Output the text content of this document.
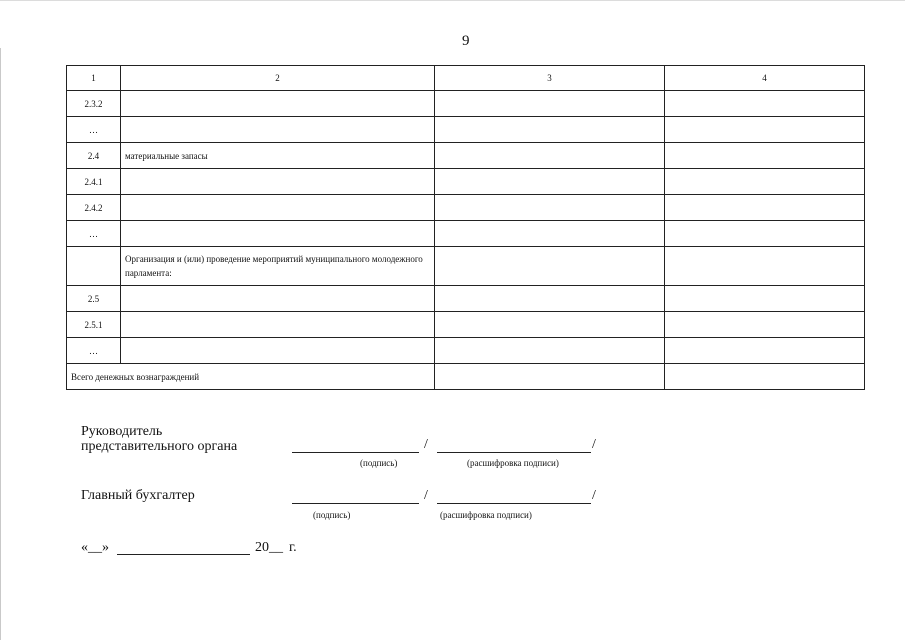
9
1	2	3	4
2.3.2			
…			
2.4	материальные запасы		
2.4.1			
2.4.2			
…			
	Организация и (или) проведение мероприятий муниципального молодежного парламента:		
2.5			
2.5.1			
…			
Всего денежных вознаграждений			
Руководитель
представительного органа	/	/
(подпись)	(расшифровка подписи)
Главный бухгалтер	/	/
(подпись)	(расшифровка подписи)
«__»	20__ г.
